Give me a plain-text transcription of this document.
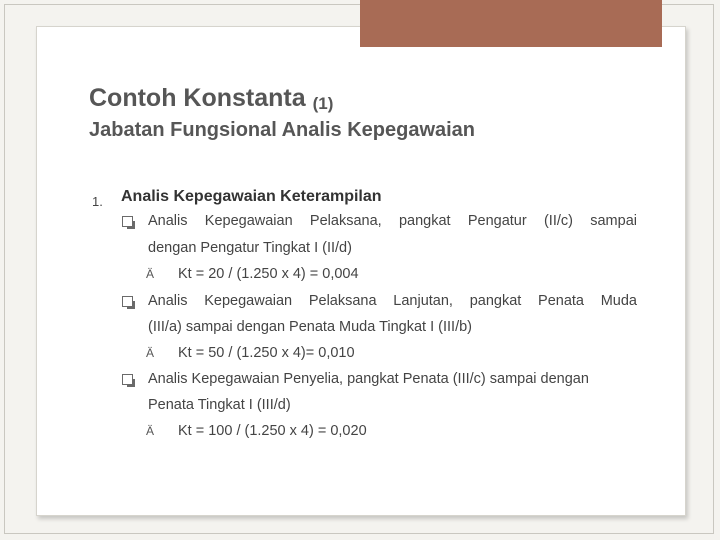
Contoh Konstanta (1)
Jabatan Fungsional Analis Kepegawaian
1. Analis Kepegawaian Keterampilan
Analis Kepegawaian Pelaksana, pangkat Pengatur (II/c) sampai
dengan Pengatur Tingkat I (II/d)
Ä Kt = 20 / (1.250 x 4) = 0,004
Analis Kepegawaian Pelaksana Lanjutan, pangkat Penata Muda
(III/a) sampai dengan Penata Muda Tingkat I (III/b)
Ä Kt = 50 / (1.250 x 4)= 0,010
Analis Kepegawaian Penyelia, pangkat Penata (III/c) sampai dengan
Penata Tingkat I (III/d)
Ä Kt = 100 / (1.250 x 4) = 0,020
